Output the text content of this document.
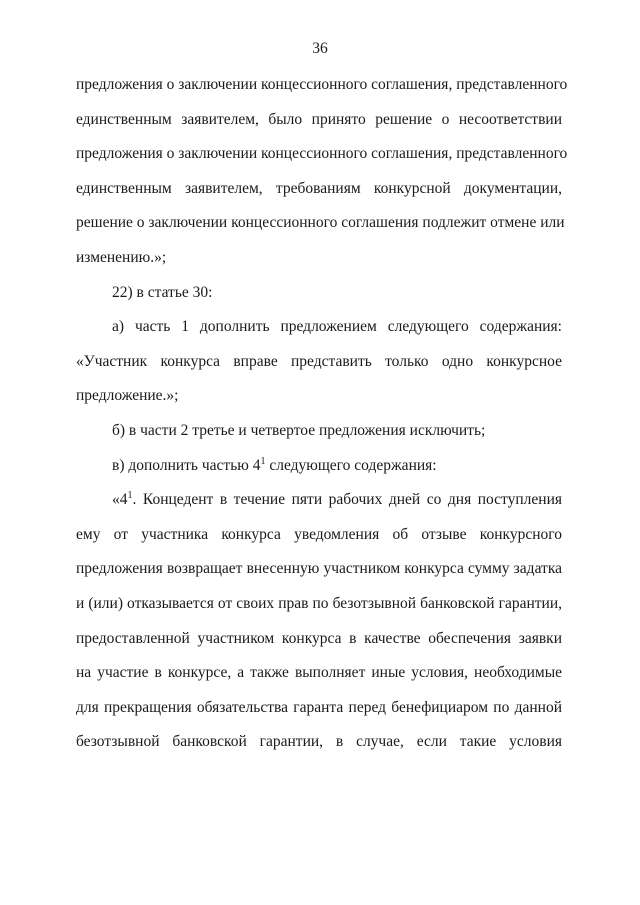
36
предложения о заключении концессионного соглашения, представленного
единственным заявителем, было принято решение о несоответствии
предложения о заключении концессионного соглашения, представленного
единственным заявителем, требованиям конкурсной документации,
решение о заключении концессионного соглашения подлежит отмене или
изменению.»;
22) в статье 30:
а) часть 1 дополнить предложением следующего содержания:
«Участник конкурса вправе представить только одно конкурсное
предложение.»;
б) в части 2 третье и четвертое предложения исключить;
в) дополнить частью $4^1$ следующего содержания:
«$4^1$. Концедент в течение пяти рабочих дней со дня поступления
ему от участника конкурса уведомления об отзыве конкурсного
предложения возвращает внесенную участником конкурса сумму задатка
и (или) отказывается от своих прав по безотзывной банковской гарантии,
предоставленной участником конкурса в качестве обеспечения заявки
на участие в конкурсе, а также выполняет иные условия, необходимые
для прекращения обязательства гаранта перед бенефициаром по данной
безотзывной банковской гарантии, в случае, если такие условия
